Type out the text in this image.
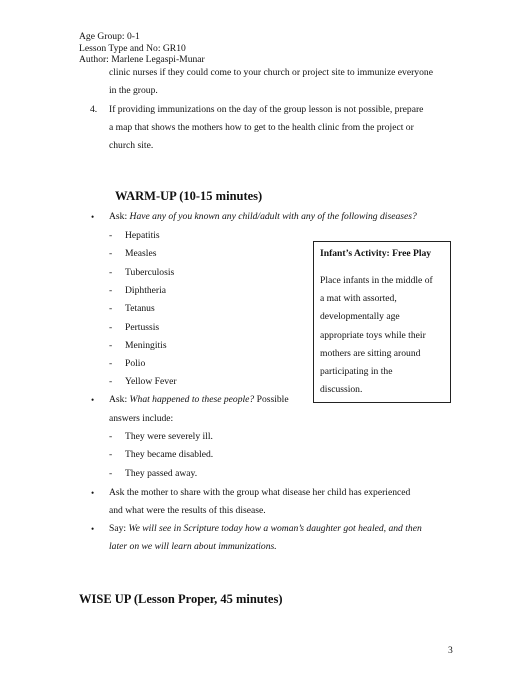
Age Group: 0-1
Lesson Type and No: GR10
Author: Marlene Legaspi-Munar
clinic nurses if they could come to your church or project site to immunize everyone
in the group.
4. If providing immunizations on the day of the group lesson is not possible, prepare
a map that shows the mothers how to get to the health clinic from the project or
church site.
WARM-UP (10-15 minutes)
• Ask: Have any of you known any child/adult with any of the following diseases?
- Hepatitis
- Measles
- Tuberculosis
- Diphtheria
- Tetanus
- Pertussis
- Meningitis
- Polio
- Yellow Fever
• Ask: What happened to these people? Possible
answers include:
- They were severely ill.
- They became disabled.
- They passed away.
• Ask the mother to share with the group what disease her child has experienced
and what were the results of this disease.
• Say: We will see in Scripture today how a woman’s daughter got healed, and then
later on we will learn about immunizations.
Infant’s Activity: Free Play
Place infants in the middle of
a mat with assorted,
developmentally age
appropriate toys while their
mothers are sitting around
participating in the
discussion.
WISE UP (Lesson Proper, 45 minutes)
3
